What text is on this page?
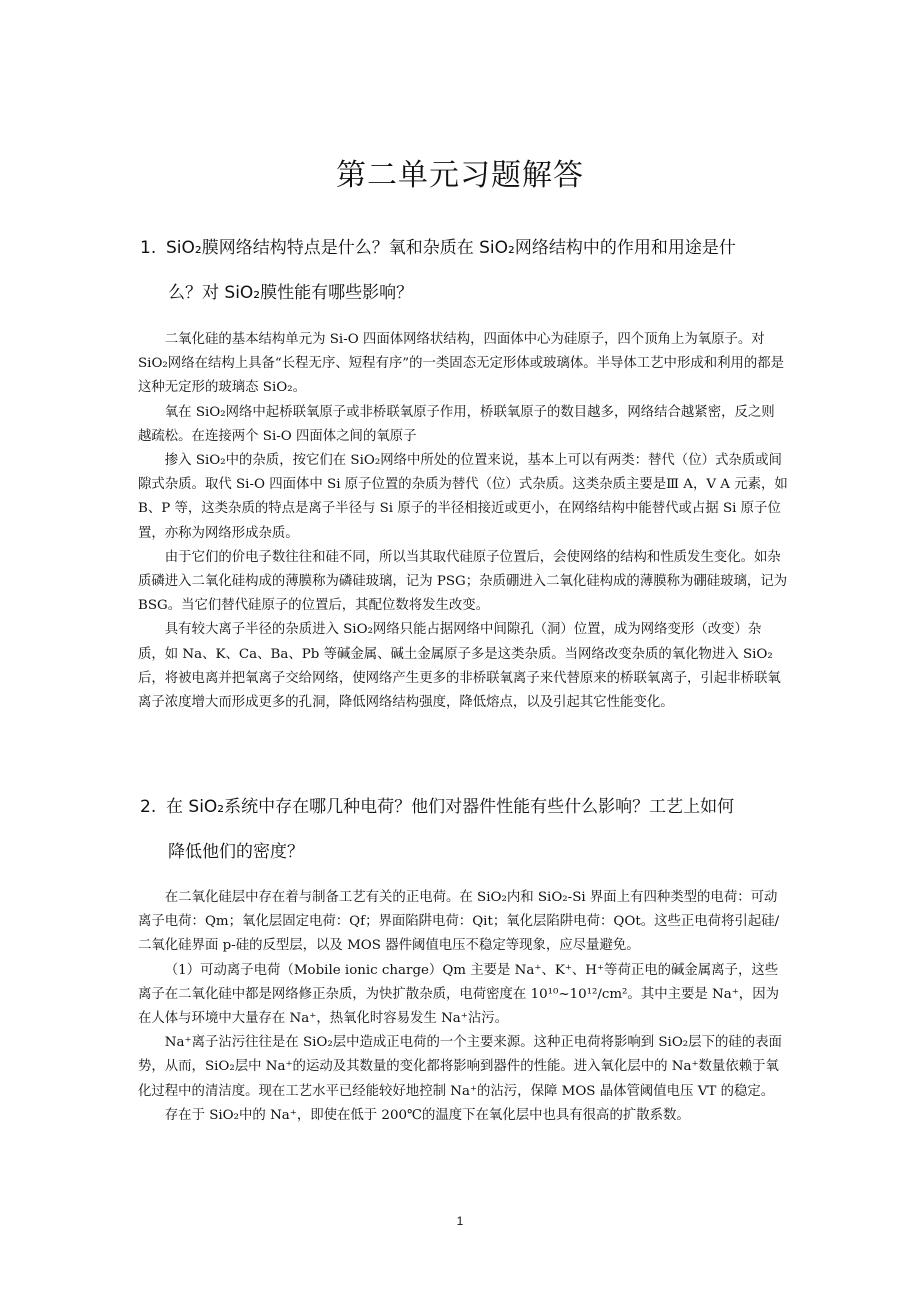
第二单元习题解答
1. SiO₂膜网络结构特点是什么？氧和杂质在 SiO₂网络结构中的作用和用途是什
么？对 SiO₂膜性能有哪些影响？

二氧化硅的基本结构单元为 Si-O 四面体网络状结构，四面体中心为硅原子，四个顶角上为氧原子。对 SiO₂网络在结构上具备“长程无序、短程有序”的一类固态无定形体或玻璃体。半导体工艺中形成和利用的都是这种无定形的玻璃态 SiO₂。

氧在 SiO₂网络中起桥联氧原子或非桥联氧原子作用，桥联氧原子的数目越多，网络结合越紧密，反之则越疏松。在连接两个 Si-O 四面体之间的氧原子

掺入 SiO₂中的杂质，按它们在 SiO₂网络中所处的位置来说，基本上可以有两类：替代（位）式杂质或间隙式杂质。取代 Si-O 四面体中 Si 原子位置的杂质为替代（位）式杂质。这类杂质主要是Ⅲ A，Ⅴ A 元素，如 B、P 等，这类杂质的特点是离子半径与 Si 原子的半径相接近或更小，在网络结构中能替代或占据 Si 原子位置，亦称为网络形成杂质。

由于它们的价电子数往往和硅不同，所以当其取代硅原子位置后，会使网络的结构和性质发生变化。如杂质磷进入二氧化硅构成的薄膜称为磷硅玻璃，记为 PSG；杂质硼进入二氧化硅构成的薄膜称为硼硅玻璃，记为 BSG。当它们替代硅原子的位置后，其配位数将发生改变。

具有较大离子半径的杂质进入 SiO₂网络只能占据网络中间隙孔（洞）位置，成为网络变形（改变）杂质，如 Na、K、Ca、Ba、Pb 等碱金属、碱土金属原子多是这类杂质。当网络改变杂质的氧化物进入 SiO₂后，将被电离并把氧离子交给网络，使网络产生更多的非桥联氧离子来代替原来的桥联氧离子，引起非桥联氧离子浓度增大而形成更多的孔洞，降低网络结构强度，降低熔点，以及引起其它性能变化。

2. 在 SiO₂系统中存在哪几种电荷？他们对器件性能有些什么影响？工艺上如何
降低他们的密度？

在二氧化硅层中存在着与制备工艺有关的正电荷。在 SiO₂内和 SiO₂-Si 界面上有四种类型的电荷：可动离子电荷：Qm；氧化层固定电荷：Qf；界面陷阱电荷：Qit；氧化层陷阱电荷：QOt。这些正电荷将引起硅/二氧化硅界面 p-硅的反型层，以及 MOS 器件阈值电压不稳定等现象，应尽量避免。

（1）可动离子电荷（Mobile ionic charge）Qm 主要是 Na⁺、K⁺、H⁺等荷正电的碱金属离子，这些离子在二氧化硅中都是网络修正杂质，为快扩散杂质，电荷密度在 10¹⁰~10¹²/cm²。其中主要是 Na⁺，因为在人体与环境中大量存在 Na⁺，热氧化时容易发生 Na⁺沾污。

Na⁺离子沾污往往是在 SiO₂层中造成正电荷的一个主要来源。这种正电荷将影响到 SiO₂层下的硅的表面势，从而，SiO₂层中 Na⁺的运动及其数量的变化都将影响到器件的性能。进入氧化层中的 Na⁺数量依赖于氧化过程中的清洁度。现在工艺水平已经能较好地控制 Na⁺的沾污，保障 MOS 晶体管阈值电压 VT 的稳定。

存在于 SiO₂中的 Na⁺，即使在低于 200℃的温度下在氧化层中也具有很高的扩散系数。

1
